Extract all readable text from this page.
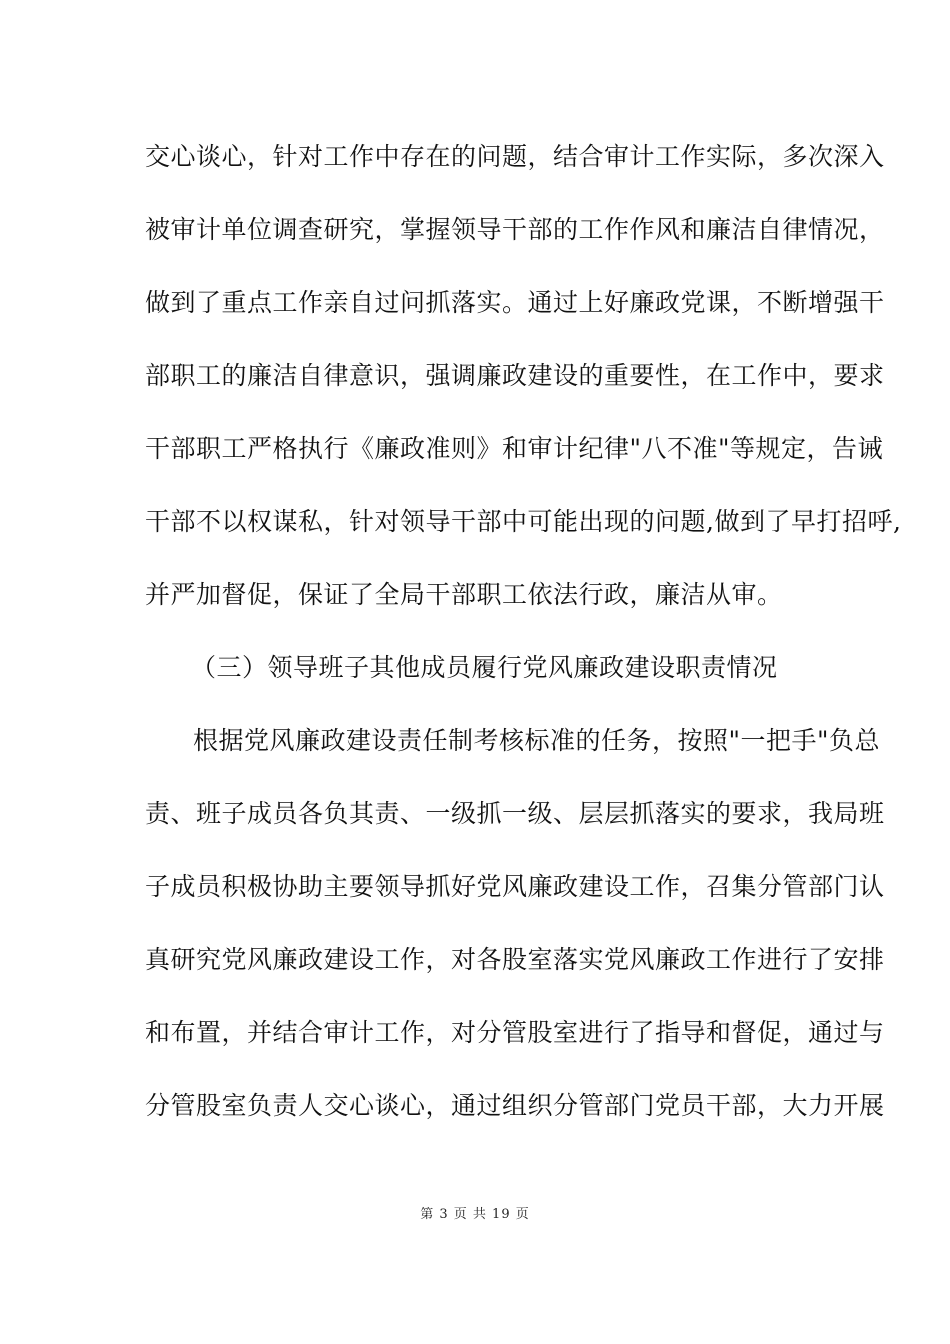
交心谈心，针对工作中存在的问题，结合审计工作实际，多次深入
被审计单位调查研究，掌握领导干部的工作作风和廉洁自律情况，
做到了重点工作亲自过问抓落实。通过上好廉政党课，不断增强干
部职工的廉洁自律意识，强调廉政建设的重要性，在工作中，要求
干部职工严格执行《廉政准则》和审计纪律"八不准"等规定，告诫
干部不以权谋私，针对领导干部中可能出现的问题,做到了早打招呼,
并严加督促，保证了全局干部职工依法行政，廉洁从审。
（三）领导班子其他成员履行党风廉政建设职责情况
根据党风廉政建设责任制考核标准的任务，按照"一把手"负总
责、班子成员各负其责、一级抓一级、层层抓落实的要求，我局班
子成员积极协助主要领导抓好党风廉政建设工作，召集分管部门认
真研究党风廉政建设工作，对各股室落实党风廉政工作进行了安排
和布置，并结合审计工作，对分管股室进行了指导和督促，通过与
分管股室负责人交心谈心，通过组织分管部门党员干部，大力开展
第 3 页 共 19 页
